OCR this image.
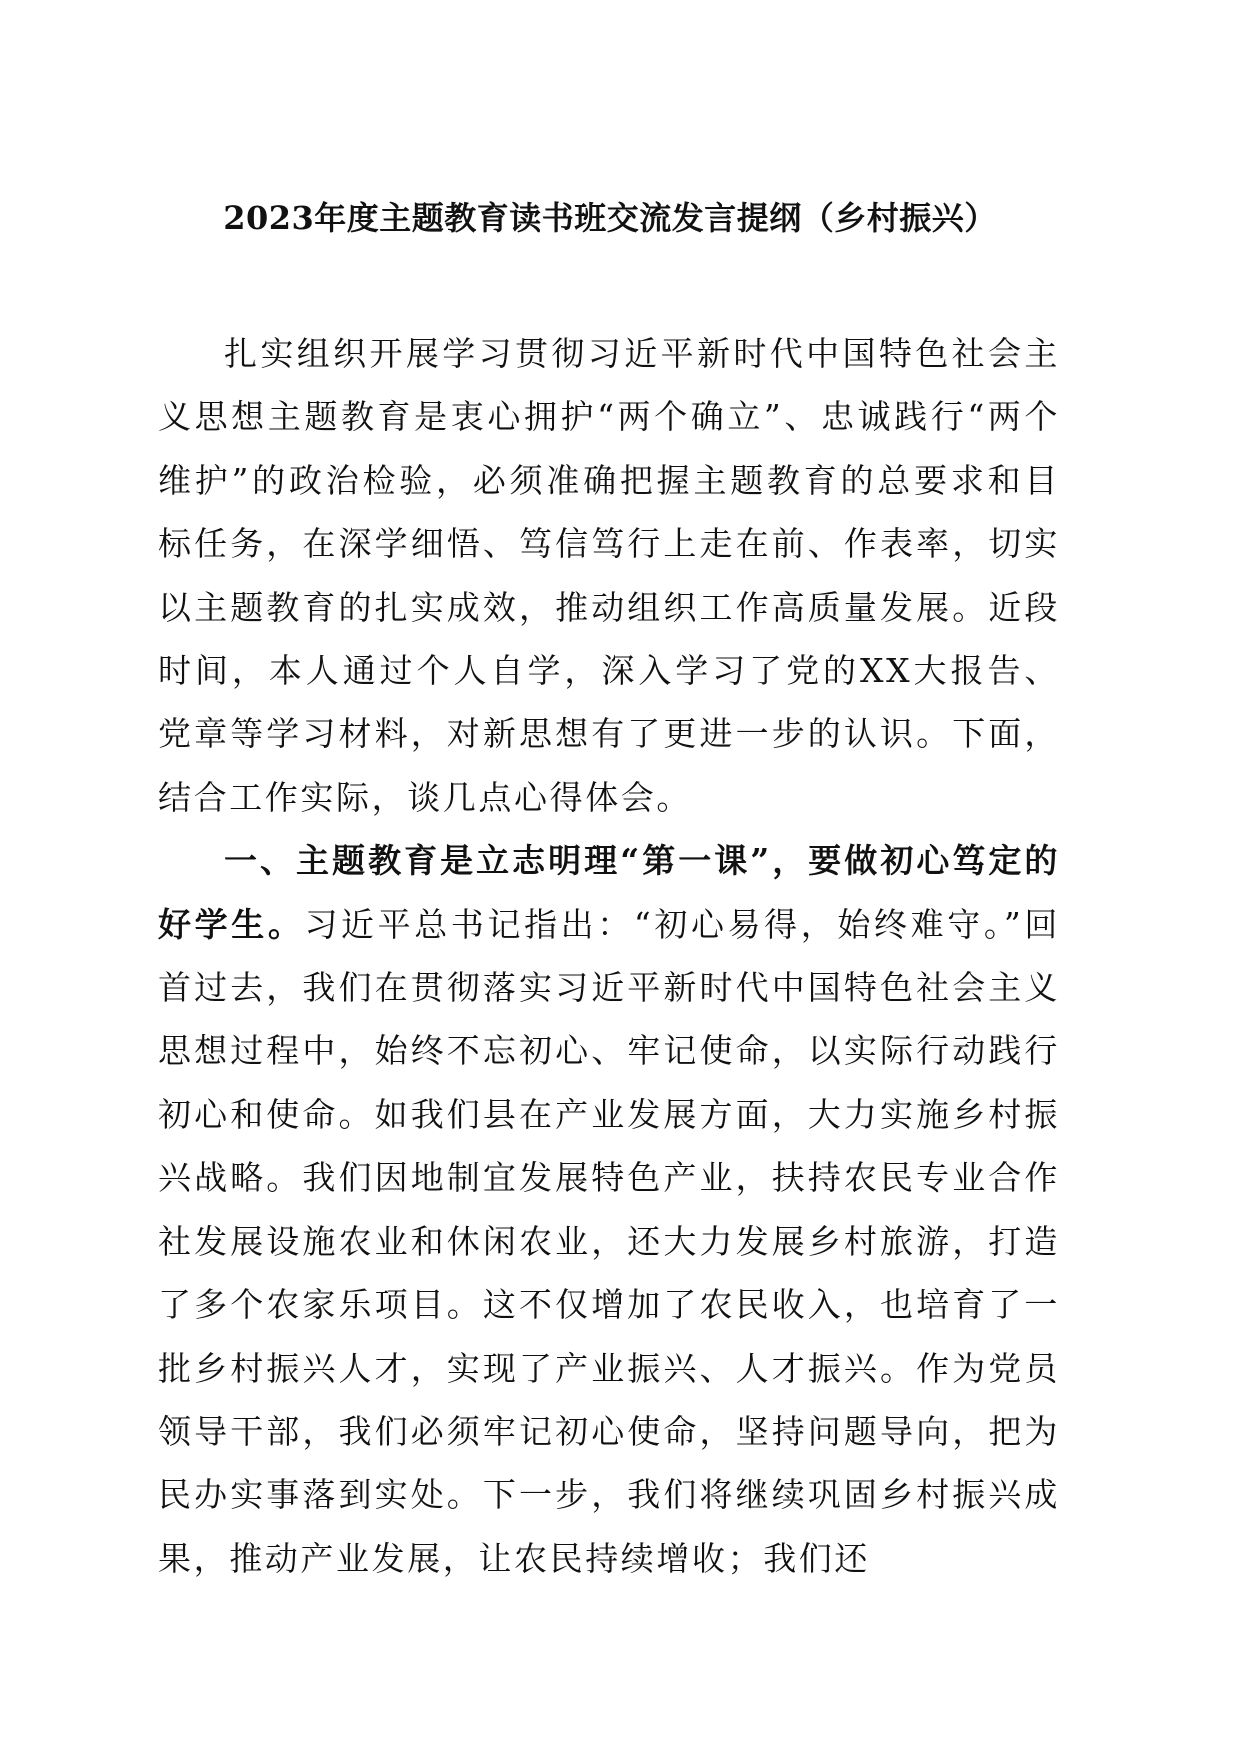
2023年度主题教育读书班交流发言提纲（乡村振兴）

扎实组织开展学习贯彻习近平新时代中国特色社会主义思想主题教育是衷心拥护“两个确立”、忠诚践行“两个维护”的政治检验，必须准确把握主题教育的总要求和目标任务，在深学细悟、笃信笃行上走在前、作表率，切实以主题教育的扎实成效，推动组织工作高质量发展。近段时间，本人通过个人自学，深入学习了党的XX大报告、党章等学习材料，对新思想有了更进一步的认识。下面，结合工作实际，谈几点心得体会。

一、主题教育是立志明理“第一课”，要做初心笃定的好学生。习近平总书记指出：“初心易得，始终难守。”回首过去，我们在贯彻落实习近平新时代中国特色社会主义思想过程中，始终不忘初心、牢记使命，以实际行动践行初心和使命。如我们县在产业发展方面，大力实施乡村振兴战略。我们因地制宜发展特色产业，扶持农民专业合作社发展设施农业和休闲农业，还大力发展乡村旅游，打造了多个农家乐项目。这不仅增加了农民收入，也培育了一批乡村振兴人才，实现了产业振兴、人才振兴。作为党员领导干部，我们必须牢记初心使命，坚持问题导向，把为民办实事落到实处。下一步，我们将继续巩固乡村振兴成果，推动产业发展，让农民持续增收；我们还
